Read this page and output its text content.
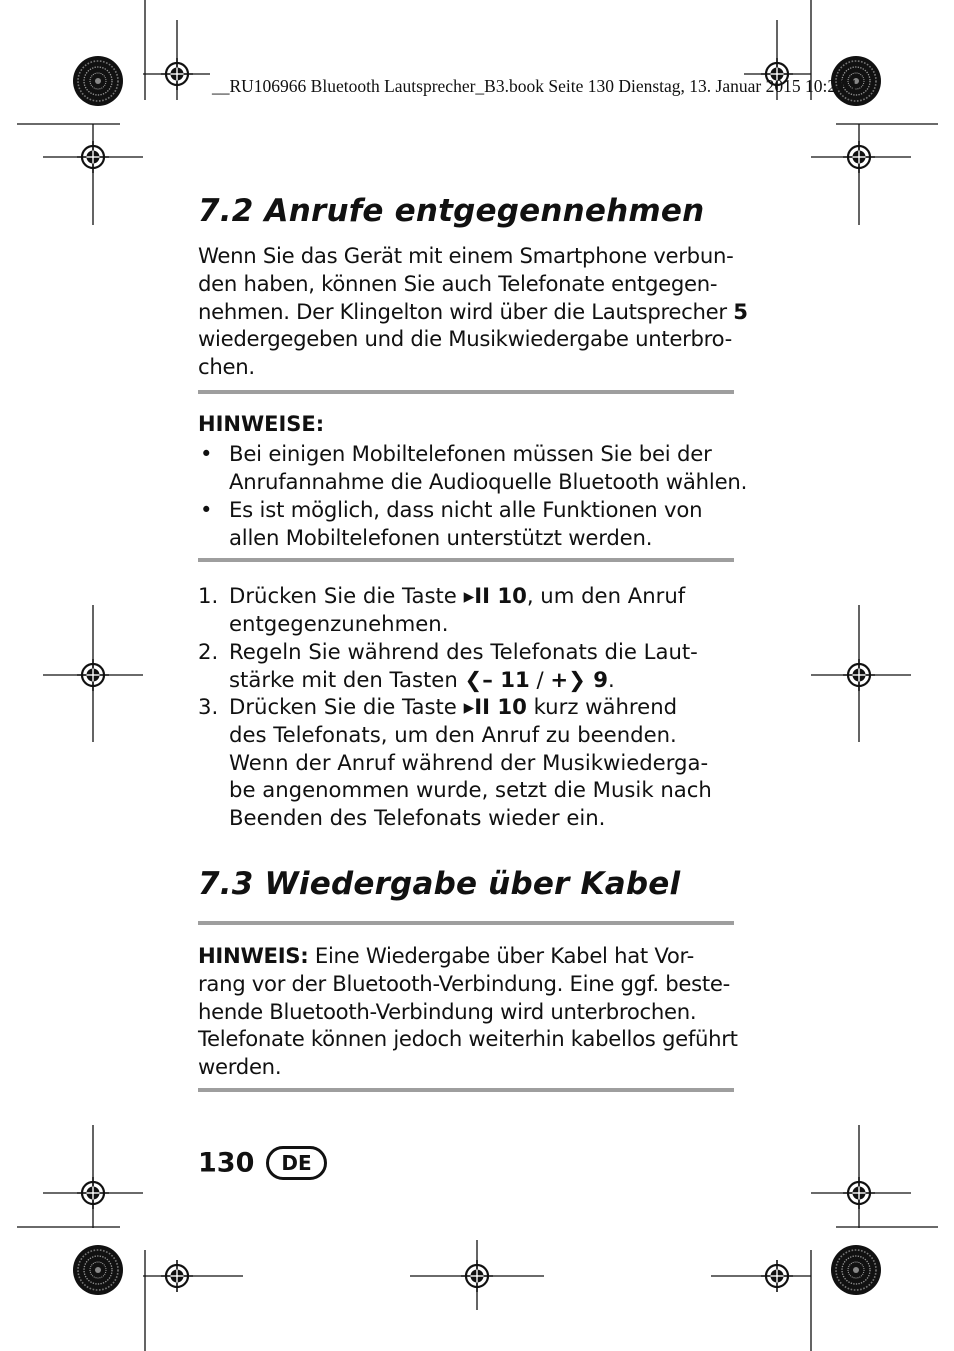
__RU106966 Bluetooth Lautsprecher_B3.book Seite 130 Dienstag, 13. Januar 2015 10:24 1
7.2 Anrufe entgegennehmen
Wenn Sie das Gerät mit einem Smartphone verbun-
den haben, können Sie auch Telefonate entgegen-
nehmen. Der Klingelton wird über die Lautsprecher 5
wiedergegeben und die Musikwiedergabe unterbro-
chen.
HINWEISE:
• Bei einigen Mobiltelefonen müssen Sie bei der
Anrufannahme die Audioquelle Bluetooth wählen.
• Es ist möglich, dass nicht alle Funktionen von
allen Mobiltelefonen unterstützt werden.
1. Drücken Sie die Taste ▸II 10, um den Anruf
entgegenzunehmen.
2. Regeln Sie während des Telefonats die Laut-
stärke mit den Tasten ❮– 11 / +❯ 9.
3. Drücken Sie die Taste ▸II 10 kurz während
des Telefonats, um den Anruf zu beenden.
Wenn der Anruf während der Musikwiederga-
be angenommen wurde, setzt die Musik nach
Beenden des Telefonats wieder ein.
7.3 Wiedergabe über Kabel
HINWEIS: Eine Wiedergabe über Kabel hat Vor-
rang vor der Bluetooth-Verbindung. Eine ggf. beste-
hende Bluetooth-Verbindung wird unterbrochen.
Telefonate können jedoch weiterhin kabellos geführt
werden.
130 DE
